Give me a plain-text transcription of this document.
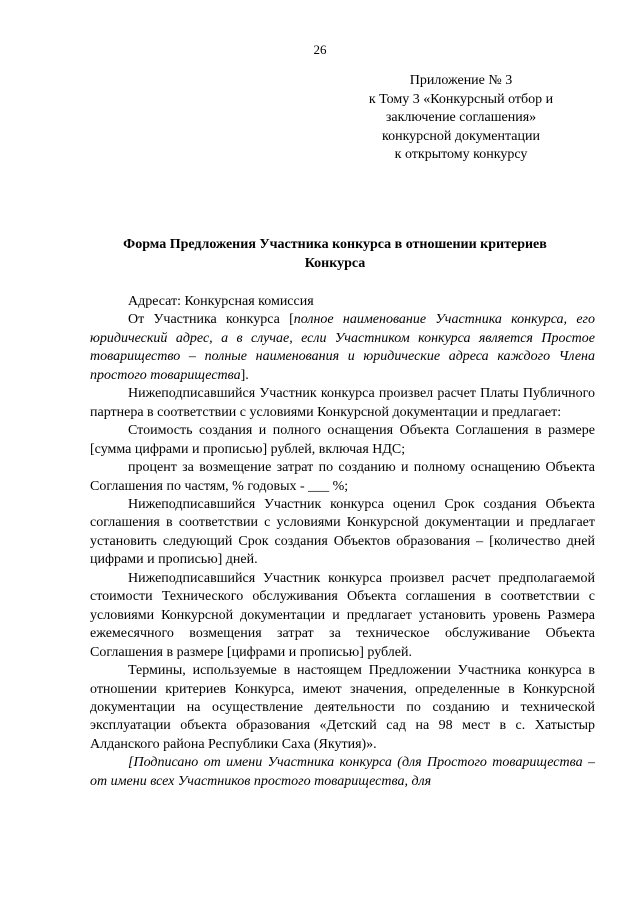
26
Приложение № 3
к Тому 3 «Конкурсный отбор и
заключение соглашения»
конкурсной документации
к открытому конкурсу
Форма Предложения Участника конкурса в отношении критериев
Конкурса

Адресат: Конкурсная комиссия

От Участника конкурса [полное наименование Участника конкурса, его юридический адрес, а в случае, если Участником конкурса является Простое товарищество – полные наименования и юридические адреса каждого Члена простого товарищества].

Нижеподписавшийся Участник конкурса произвел расчет Платы Публичного партнера в соответствии с условиями Конкурсной документации и предлагает:

Стоимость создания и полного оснащения Объекта Соглашения в размере [сумма цифрами и прописью] рублей, включая НДС;

процент за возмещение затрат по созданию и полному оснащению Объекта Соглашения по частям, % годовых - ___ %;

Нижеподписавшийся Участник конкурса оценил Срок создания Объекта соглашения в соответствии с условиями Конкурсной документации и предлагает установить следующий Срок создания Объектов образования – [количество дней цифрами и прописью] дней.

Нижеподписавшийся Участник конкурса произвел расчет предполагаемой стоимости Технического обслуживания Объекта соглашения в соответствии с условиями Конкурсной документации и предлагает установить уровень Размера ежемесячного возмещения затрат за техническое обслуживание Объекта Соглашения в размере [цифрами и прописью] рублей.

Термины, используемые в настоящем Предложении Участника конкурса в отношении критериев Конкурса, имеют значения, определенные в Конкурсной документации на осуществление деятельности по созданию и технической эксплуатации объекта образования «Детский сад на 98 мест в с. Хатыстыр Алданского района Республики Саха (Якутия)».

[Подписано от имени Участника конкурса (для Простого товарищества – от имени всех Участников простого товарищества, для
